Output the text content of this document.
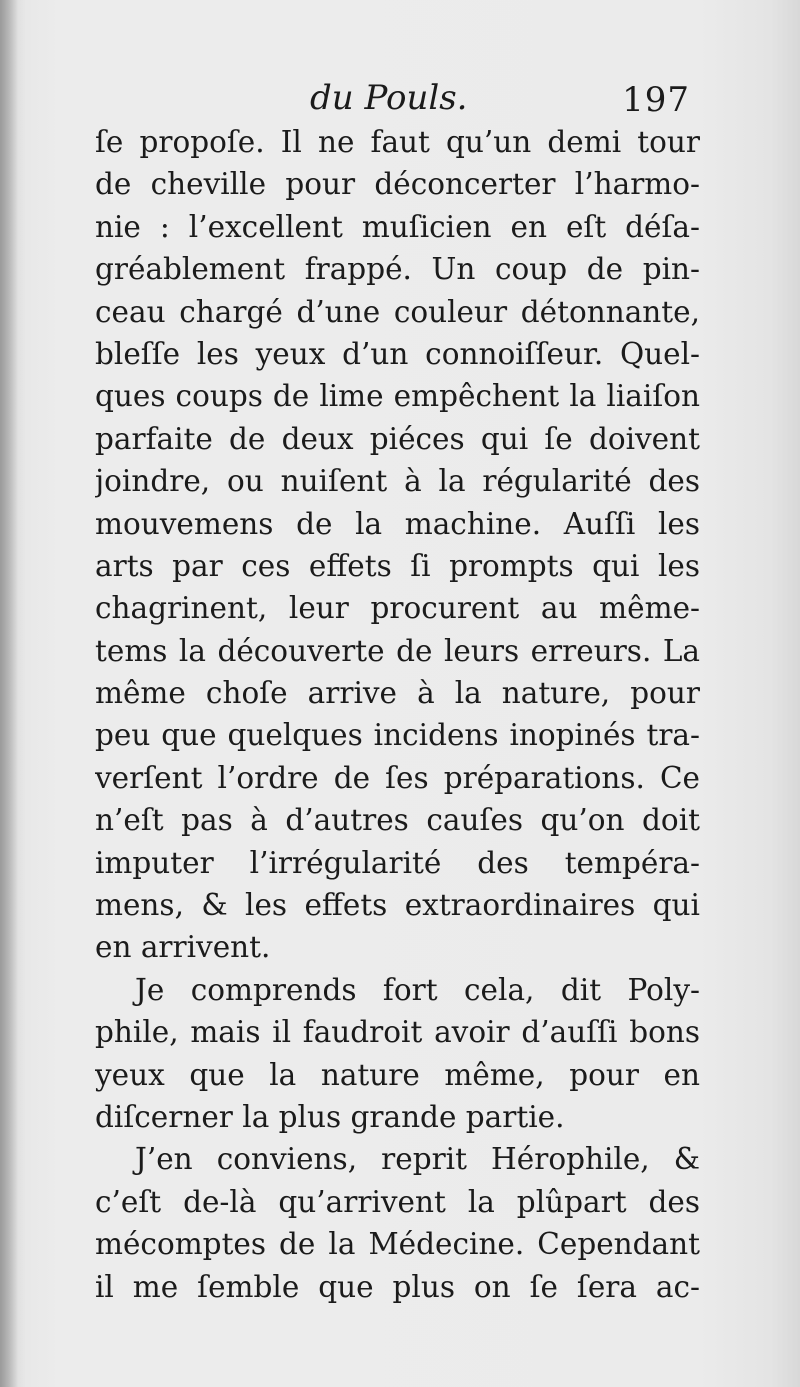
du Pouls.	197
ſe propoſe. Il ne faut qu’un demi tour
de cheville pour déconcerter l’harmo-
nie : l’excellent muſicien en eſt déſa-
gréablement frappé. Un coup de pin-
ceau chargé d’une couleur détonnante,
bleſſe les yeux d’un connoiſſeur. Quel-
ques coups de lime empêchent la liaiſon
parfaite de deux piéces qui ſe doivent
joindre, ou nuiſent à la régularité des
mouvemens de la machine. Auſſi les
arts par ces effets ſi prompts qui les
chagrinent, leur procurent au même-
tems la découverte de leurs erreurs. La
même choſe arrive à la nature, pour
peu que quelques incidens inopinés tra-
verſent l’ordre de ſes préparations. Ce
n’eſt pas à d’autres cauſes qu’on doit
imputer l’irrégularité des tempéra-
mens, & les effets extraordinaires qui
en arrivent.
Je comprends fort cela, dit Poly-
phile, mais il faudroit avoir d’auſſi bons
yeux que la nature même, pour en
diſcerner la plus grande partie.
J’en conviens, reprit Hérophile, &
c’eſt de-là qu’arrivent la plûpart des
mécomptes de la Médecine. Cependant
il me ſemble que plus on ſe ſera ac-
